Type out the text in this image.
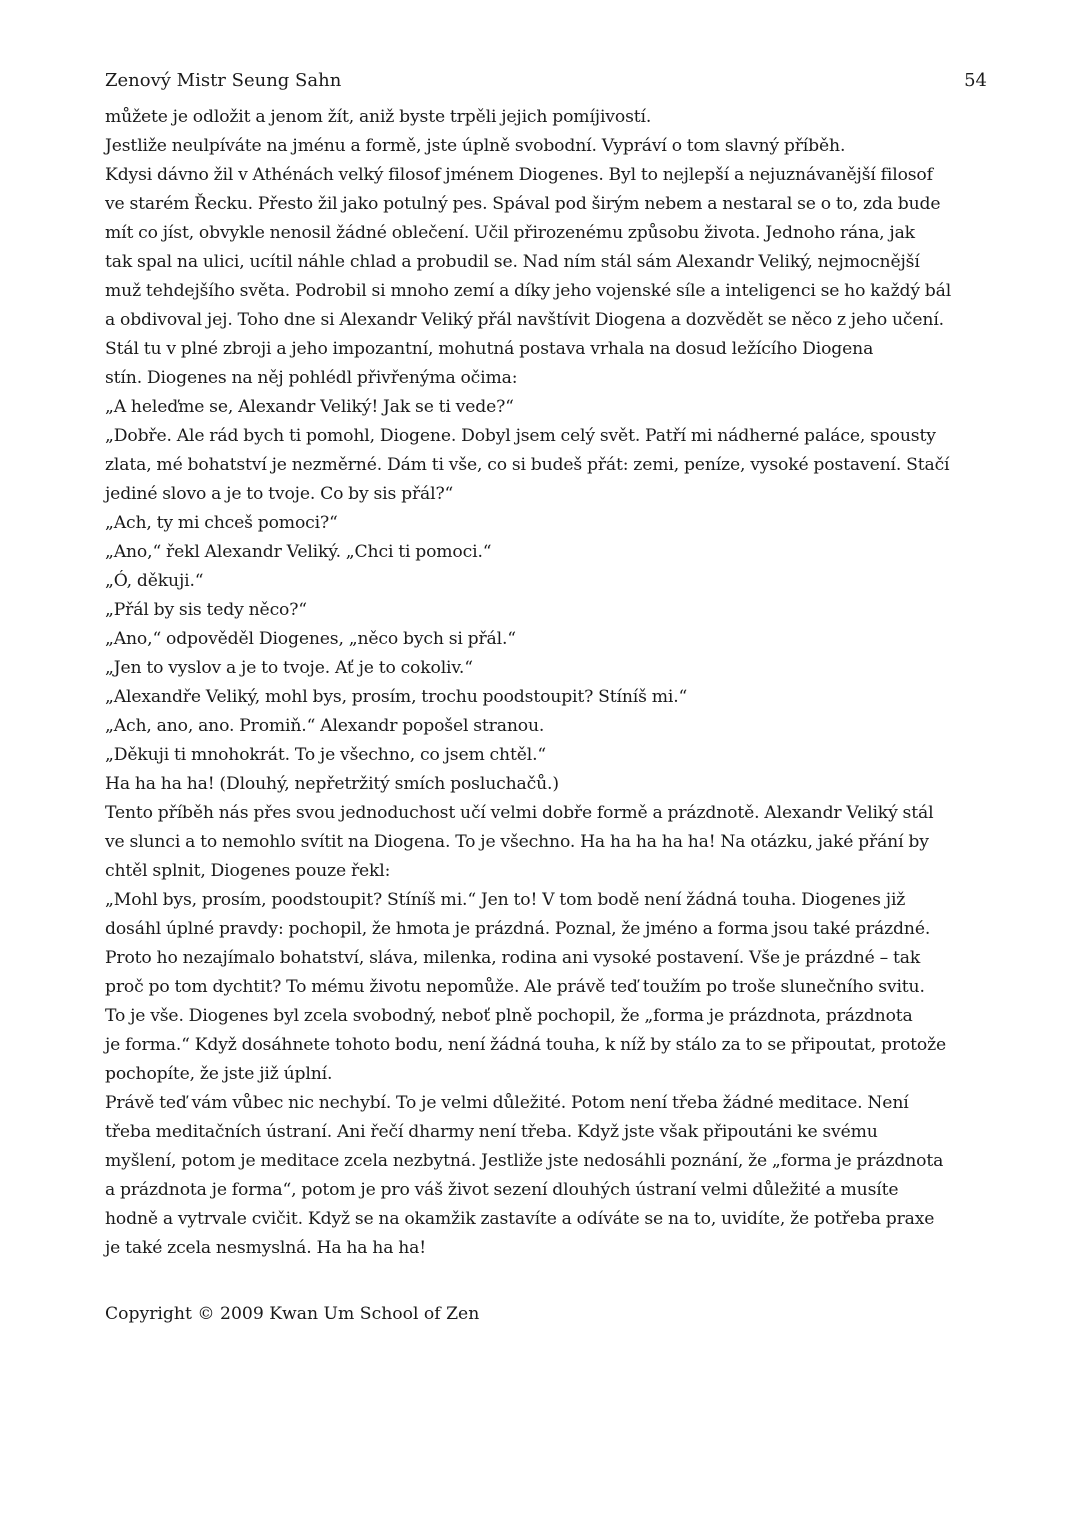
Zenový Mistr Seung Sahn	54
můžete je odložit a jenom žít, aniž byste trpěli jejich pomíjivostí.
Jestliže neulpíváte na jménu a formě, jste úplně svobodní. Vypráví o tom slavný příběh.
Kdysi dávno žil v Athénách velký filosof jménem Diogenes. Byl to nejlepší a nejuznávanější filosof
ve starém Řecku. Přesto žil jako potulný pes. Spával pod širým nebem a nestaral se o to, zda bude
mít co jíst, obvykle nenosil žádné oblečení. Učil přirozenému způsobu života. Jednoho rána, jak
tak spal na ulici, ucítil náhle chlad a probudil se. Nad ním stál sám Alexandr Veliký, nejmocnější
muž tehdejšího světa. Podrobil si mnoho zemí a díky jeho vojenské síle a inteligenci se ho každý bál
a obdivoval jej. Toho dne si Alexandr Veliký přál navštívit Diogena a dozvědět se něco z jeho učení.
Stál tu v plné zbroji a jeho impozantní, mohutná postava vrhala na dosud ležícího Diogena
stín. Diogenes na něj pohlédl přivřenýma očima:
„A heleďme se, Alexandr Veliký! Jak se ti vede?“
„Dobře. Ale rád bych ti pomohl, Diogene. Dobyl jsem celý svět. Patří mi nádherné paláce, spousty
zlata, mé bohatství je nezměrné. Dám ti vše, co si budeš přát: zemi, peníze, vysoké postavení. Stačí
jediné slovo a je to tvoje. Co by sis přál?“
„Ach, ty mi chceš pomoci?“
„Ano,“ řekl Alexandr Veliký. „Chci ti pomoci.“
„Ó, děkuji.“
„Přál by sis tedy něco?“
„Ano,“ odpověděl Diogenes, „něco bych si přál.“
„Jen to vyslov a je to tvoje. Ať je to cokoliv.“
„Alexandře Veliký, mohl bys, prosím, trochu poodstoupit? Stíníš mi.“
„Ach, ano, ano. Promiň.“ Alexandr popošel stranou.
„Děkuji ti mnohokrát. To je všechno, co jsem chtěl.“
Ha ha ha ha! (Dlouhý, nepřetržitý smích posluchačů.)
Tento příběh nás přes svou jednoduchost učí velmi dobře formě a prázdnotě. Alexandr Veliký stál
ve slunci a to nemohlo svítit na Diogena. To je všechno. Ha ha ha ha ha! Na otázku, jaké přání by
chtěl splnit, Diogenes pouze řekl:
„Mohl bys, prosím, poodstoupit? Stíníš mi.“ Jen to! V tom bodě není žádná touha. Diogenes již
dosáhl úplné pravdy: pochopil, že hmota je prázdná. Poznal, že jméno a forma jsou také prázdné.
Proto ho nezajímalo bohatství, sláva, milenka, rodina ani vysoké postavení. Vše je prázdné – tak
proč po tom dychtit? To mému životu nepomůže. Ale právě teď toužím po troše slunečního svitu.
To je vše. Diogenes byl zcela svobodný, neboť plně pochopil, že „forma je prázdnota, prázdnota
je forma.“ Když dosáhnete tohoto bodu, není žádná touha, k níž by stálo za to se připoutat, protože
pochopíte, že jste již úplní.
Právě teď vám vůbec nic nechybí. To je velmi důležité. Potom není třeba žádné meditace. Není
třeba meditačních ústraní. Ani řečí dharmy není třeba. Když jste však připoutáni ke svému
myšlení, potom je meditace zcela nezbytná. Jestliže jste nedosáhli poznání, že „forma je prázdnota
a prázdnota je forma“, potom je pro váš život sezení dlouhých ústraní velmi důležité a musíte
hodně a vytrvale cvičit. Když se na okamžik zastavíte a odíváte se na to, uvidíte, že potřeba praxe
je také zcela nesmyslná. Ha ha ha ha!
Copyright © 2009 Kwan Um School of Zen
